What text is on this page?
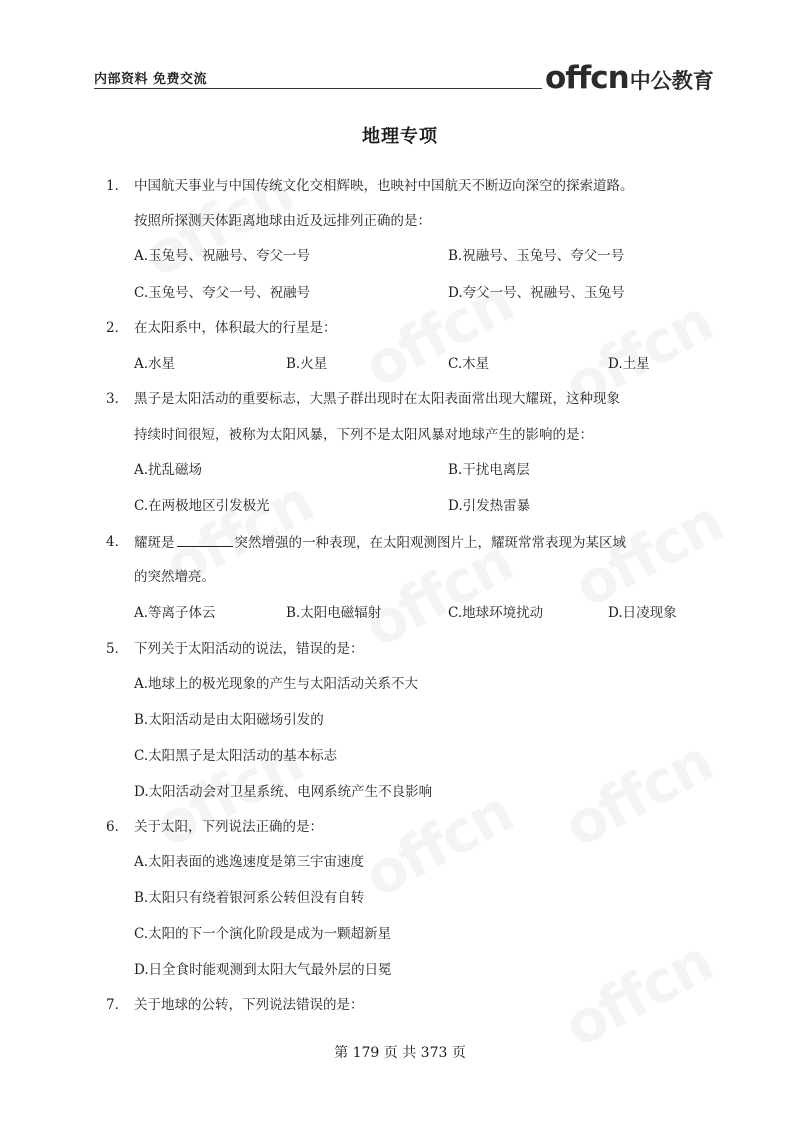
内部资料 免费交流	offcn 中公教育
地理专项
1． 中国航天事业与中国传统文化交相辉映，也映衬中国航天不断迈向深空的探索道路。
按照所探测天体距离地球由近及远排列正确的是：
A.玉兔号、祝融号、夸父一号	B.祝融号、玉兔号、夸父一号
C.玉兔号、夸父一号、祝融号	D.夸父一号、祝融号、玉兔号
2． 在太阳系中，体积最大的行星是：
A.水星	B.火星	C.木星	D.土星
3． 黑子是太阳活动的重要标志，大黑子群出现时在太阳表面常出现大耀斑，这种现象
持续时间很短，被称为太阳风暴，下列不是太阳风暴对地球产生的影响的是：
A.扰乱磁场	B.干扰电离层
C.在两极地区引发极光	D.引发热雷暴
4． 耀斑是	突然增强的一种表现，在太阳观测图片上，耀斑常常表现为某区域
的突然增亮。
A.等离子体云	B.太阳电磁辐射	C.地球环境扰动	D.日凌现象
5． 下列关于太阳活动的说法，错误的是：
A.地球上的极光现象的产生与太阳活动关系不大
B.太阳活动是由太阳磁场引发的
C.太阳黑子是太阳活动的基本标志
D.太阳活动会对卫星系统、电网系统产生不良影响
6． 关于太阳，下列说法正确的是：
A.太阳表面的逃逸速度是第三宇宙速度
B.太阳只有绕着银河系公转但没有自转
C.太阳的下一个演化阶段是成为一颗超新星
D.日全食时能观测到太阳大气最外层的日冕
7． 关于地球的公转，下列说法错误的是：
第 179 页 共 373 页
